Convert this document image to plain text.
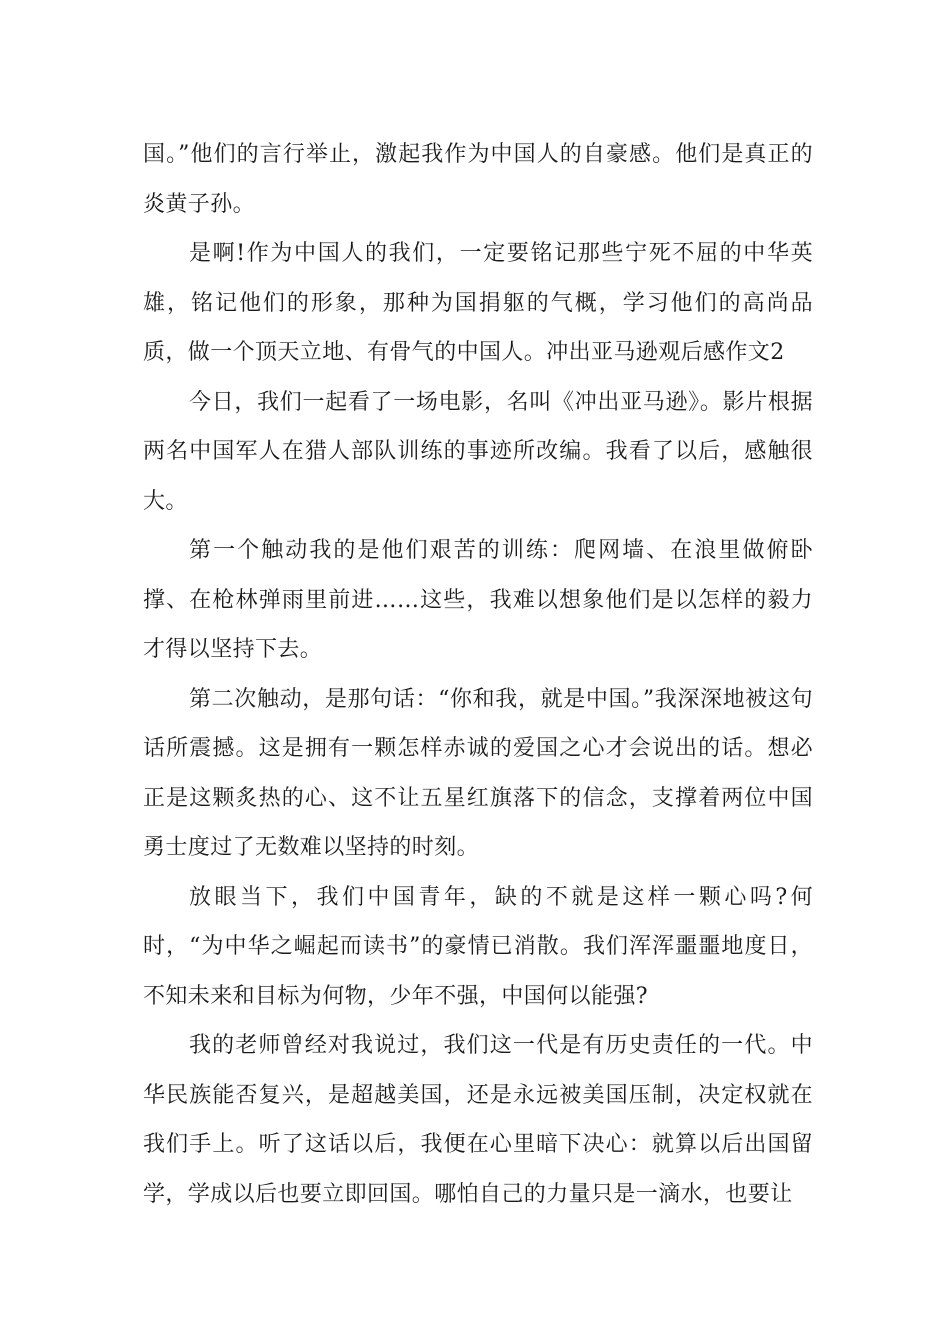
国。”他们的言行举止，激起我作为中国人的自豪感。他们是真正的炎黄子孙。

是啊!作为中国人的我们，一定要铭记那些宁死不屈的中华英雄，铭记他们的形象，那种为国捐躯的气概，学习他们的高尚品质，做一个顶天立地、有骨气的中国人。冲出亚马逊观后感作文2

今日，我们一起看了一场电影，名叫《冲出亚马逊》。影片根据两名中国军人在猎人部队训练的事迹所改编。我看了以后，感触很大。

第一个触动我的是他们艰苦的训练：爬网墙、在浪里做俯卧撑、在枪林弹雨里前进……这些，我难以想象他们是以怎样的毅力才得以坚持下去。

第二次触动，是那句话：“你和我，就是中国。”我深深地被这句话所震撼。这是拥有一颗怎样赤诚的爱国之心才会说出的话。想必正是这颗炙热的心、这不让五星红旗落下的信念，支撑着两位中国勇士度过了无数难以坚持的时刻。

放眼当下，我们中国青年，缺的不就是这样一颗心吗?何时，“为中华之崛起而读书”的豪情已消散。我们浑浑噩噩地度日，不知未来和目标为何物，少年不强，中国何以能强?

我的老师曾经对我说过，我们这一代是有历史责任的一代。中华民族能否复兴，是超越美国，还是永远被美国压制，决定权就在我们手上。听了这话以后，我便在心里暗下决心：就算以后出国留学，学成以后也要立即回国。哪怕自己的力量只是一滴水，也要让
